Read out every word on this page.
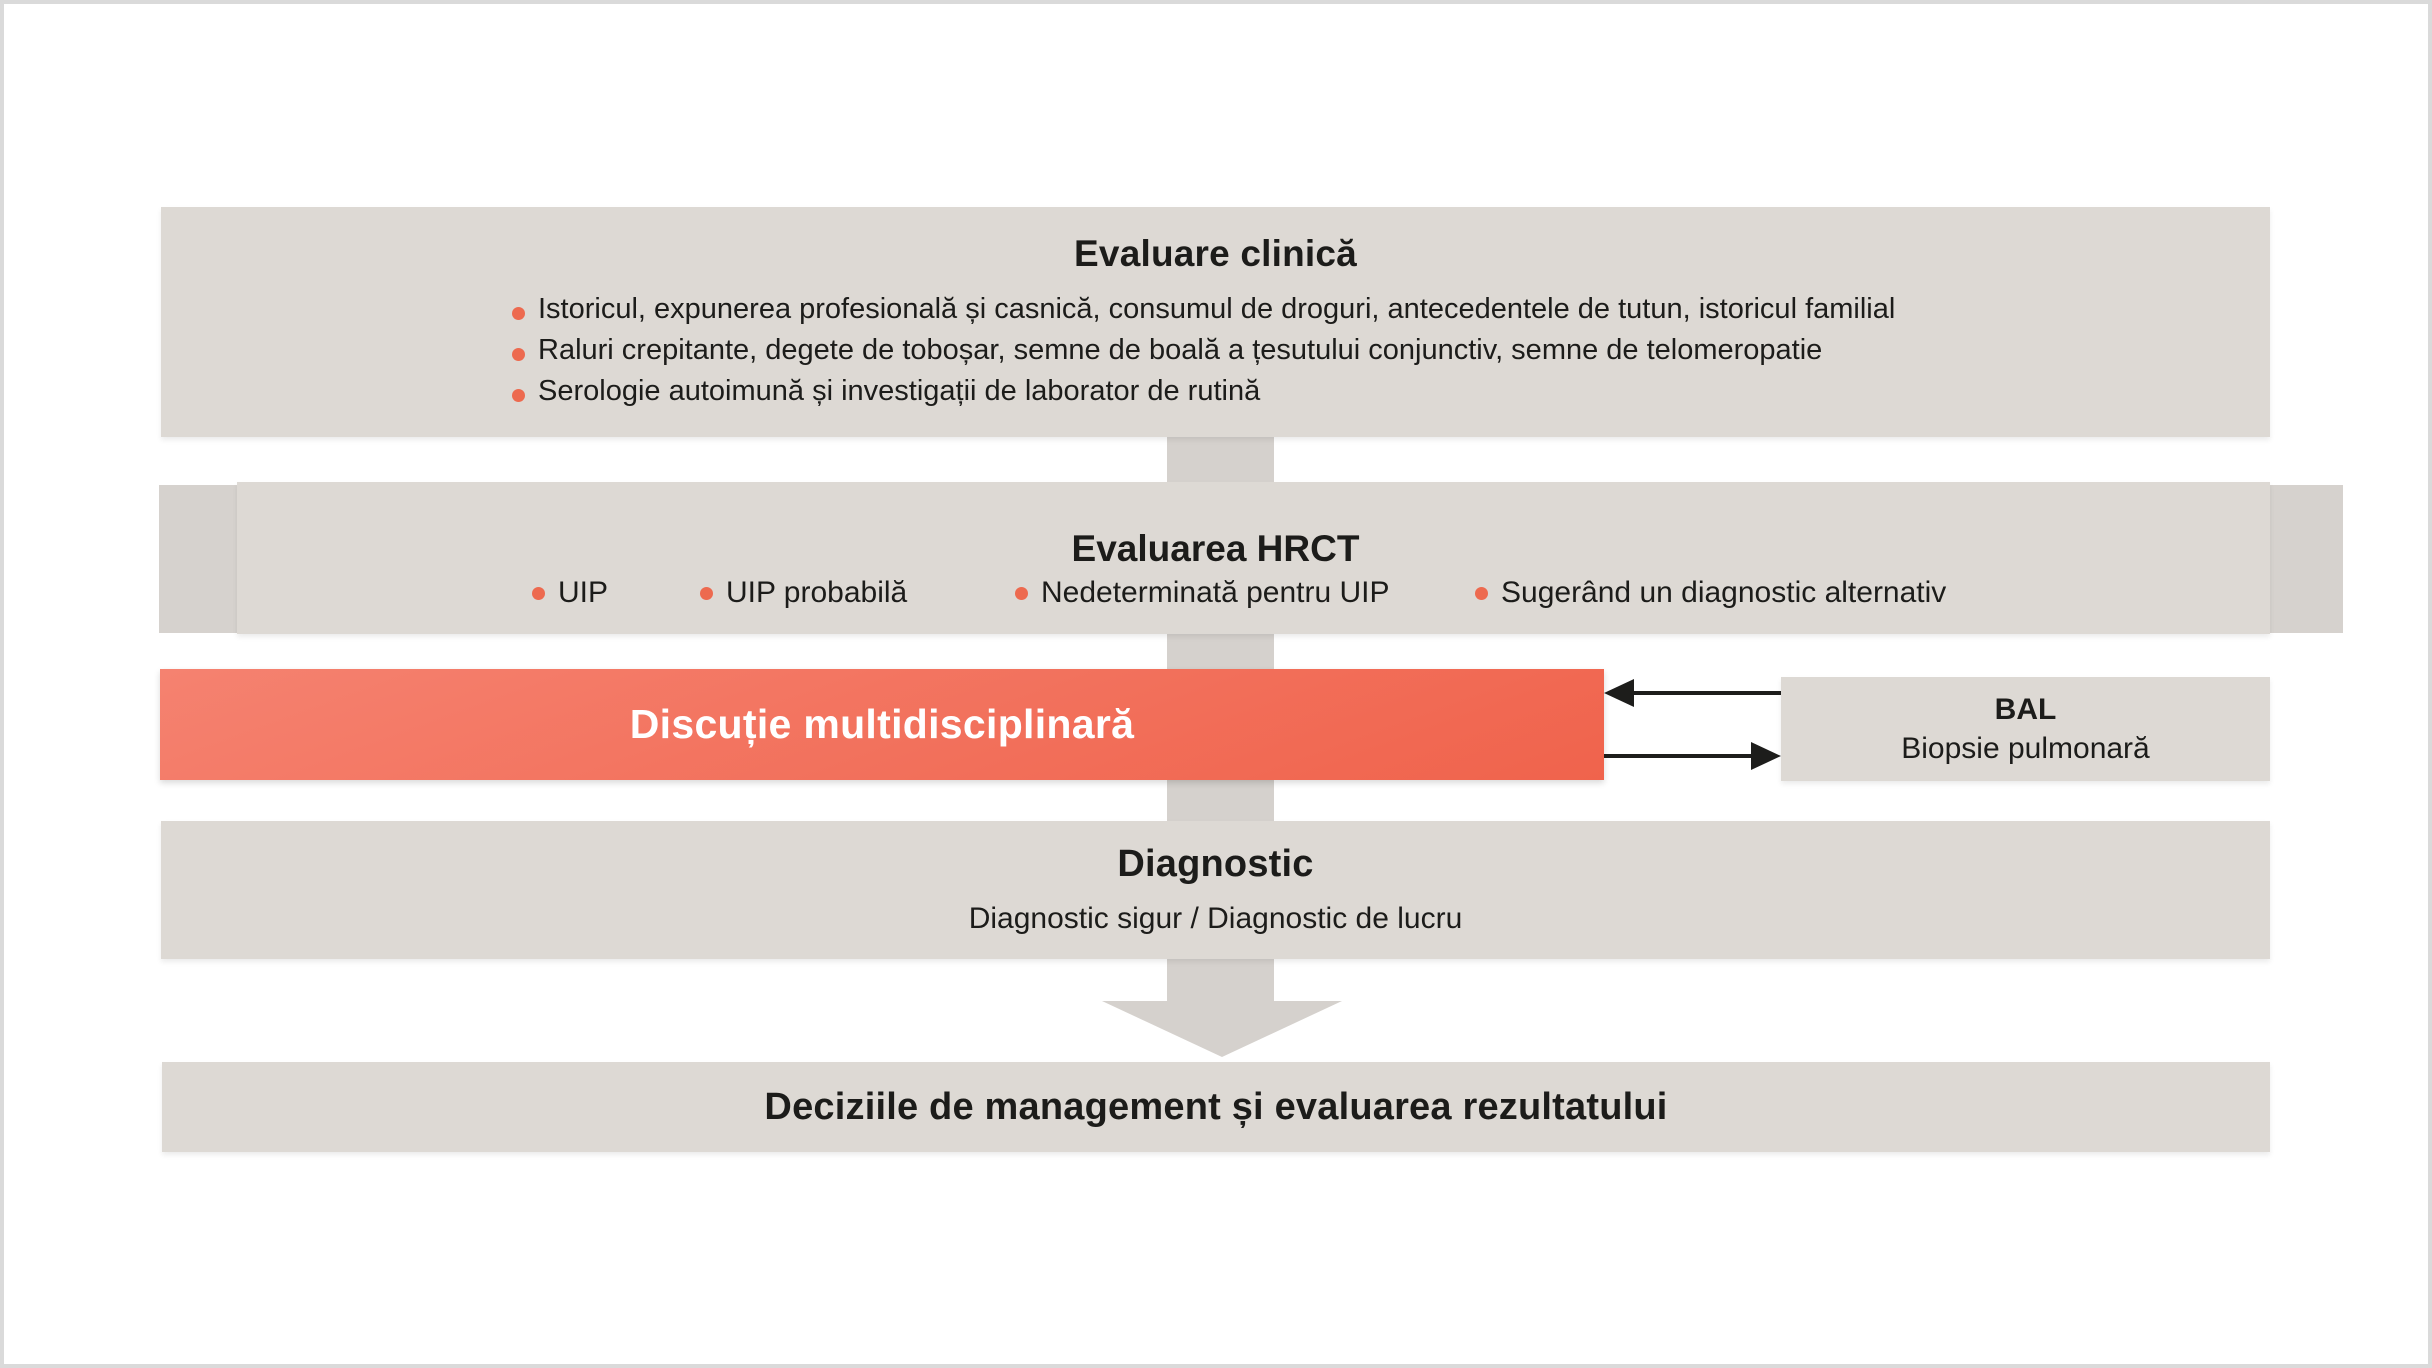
Evaluare clinică
Istoricul, expunerea profesională și casnică, consumul de droguri, antecedentele de tutun, istoricul familial
Raluri crepitante, degete de toboșar, semne de boală a țesutului conjunctiv, semne de telomeropatie
Serologie autoimună și investigații de laborator de rutină
Evaluarea HRCT
UIP	UIP probabilă	Nedeterminată pentru UIP	Sugerând un diagnostic alternativ
Discuție multidisciplinară	BAL
Biopsie pulmonară
Diagnostic
Diagnostic sigur / Diagnostic de lucru
Deciziile de management și evaluarea rezultatului
